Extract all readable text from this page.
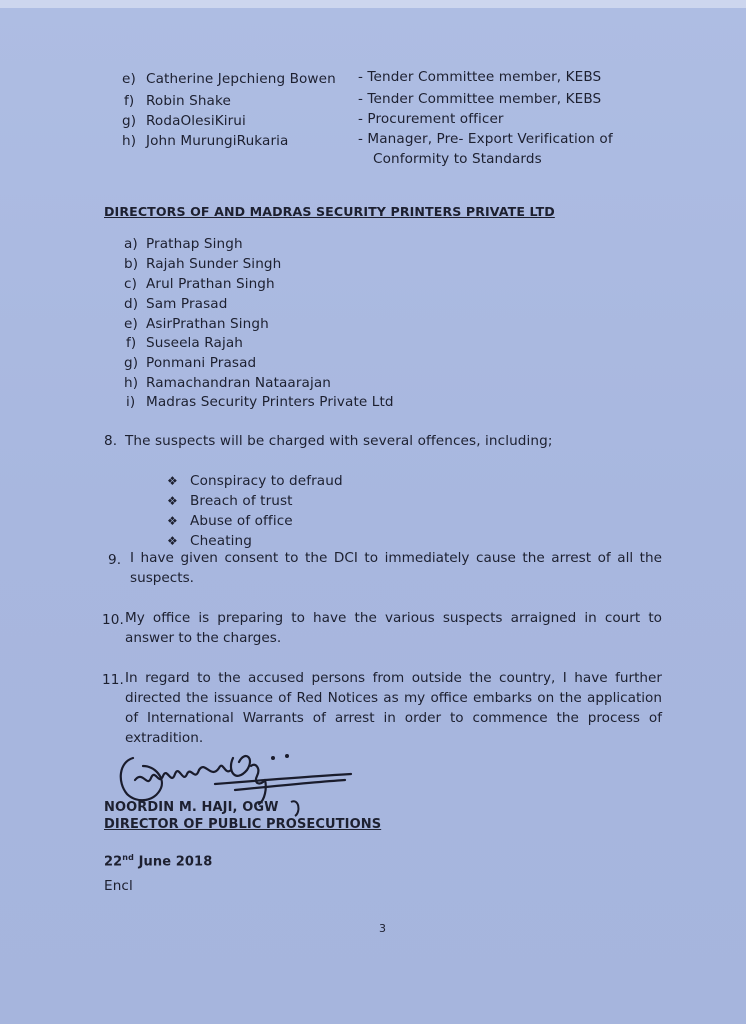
e) Catherine Jepchieng Bowen - Tender Committee member, KEBS
f) Robin Shake	- Tender Committee member, KEBS
g) RodaOlesiKirui	- Procurement officer
h) John MurungiRukaria	- Manager, Pre- Export Verification of
Conformity to Standards
DIRECTORS OF AND MADRAS SECURITY PRINTERS PRIVATE LTD
a) Prathap Singh
b) Rajah Sunder Singh
c) Arul Prathan Singh
d) Sam Prasad
e) AsirPrathan Singh
f) Suseela Rajah
g) Ponmani Prasad
h) Ramachandran Nataarajan
i) Madras Security Printers Private Ltd
8. The suspects will be charged with several offences, including;
❖ Conspiracy to defraud
❖ Breach of trust
❖ Abuse of office
❖ Cheating
9. I have given consent to the DCI to immediately cause the arrest of all the suspects.
10. My office is preparing to have the various suspects arraigned in court to answer to the charges.
11. In regard to the accused persons from outside the country, I have further directed the issuance of Red Notices as my office embarks on the application of International Warrants of arrest in order to commence the process of extradition.
NOORDIN M. HAJI, OGW
DIRECTOR OF PUBLIC PROSECUTIONS
22nd June 2018
Encl
3
